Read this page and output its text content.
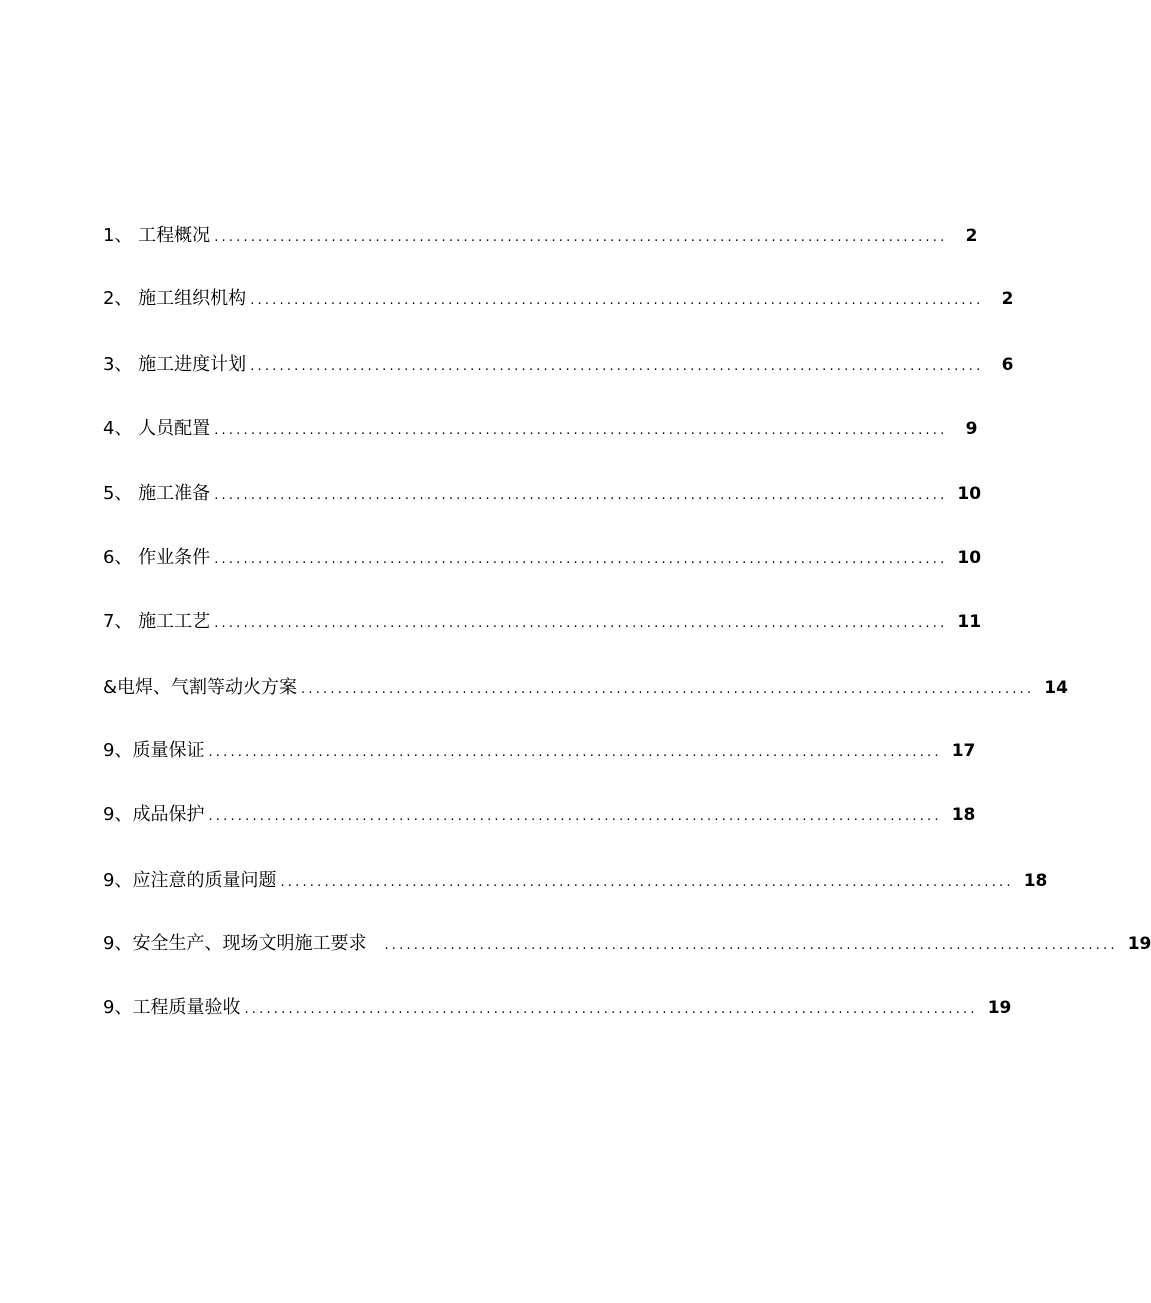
1、 工程概况 ....................................................................................................	2
2、 施工组织机构 ....................................................................................................	2
3、 施工进度计划 ....................................................................................................	6
4、 人员配置 ....................................................................................................	9
5、 施工准备 .................................................................................................... 10
6、 作业条件 .................................................................................................... 10
7、 施工工艺 .................................................................................................... 11
&电焊、气割等动火方案 .................................................................................................... 14
9、质量保证 .................................................................................................... 17
9、成品保护 .................................................................................................... 18
9、应注意的质量问题 .................................................................................................... 18
9、安全生产、现场文明施工要求 .................................................................................................... 19
9、工程质量验收 .................................................................................................... 19
